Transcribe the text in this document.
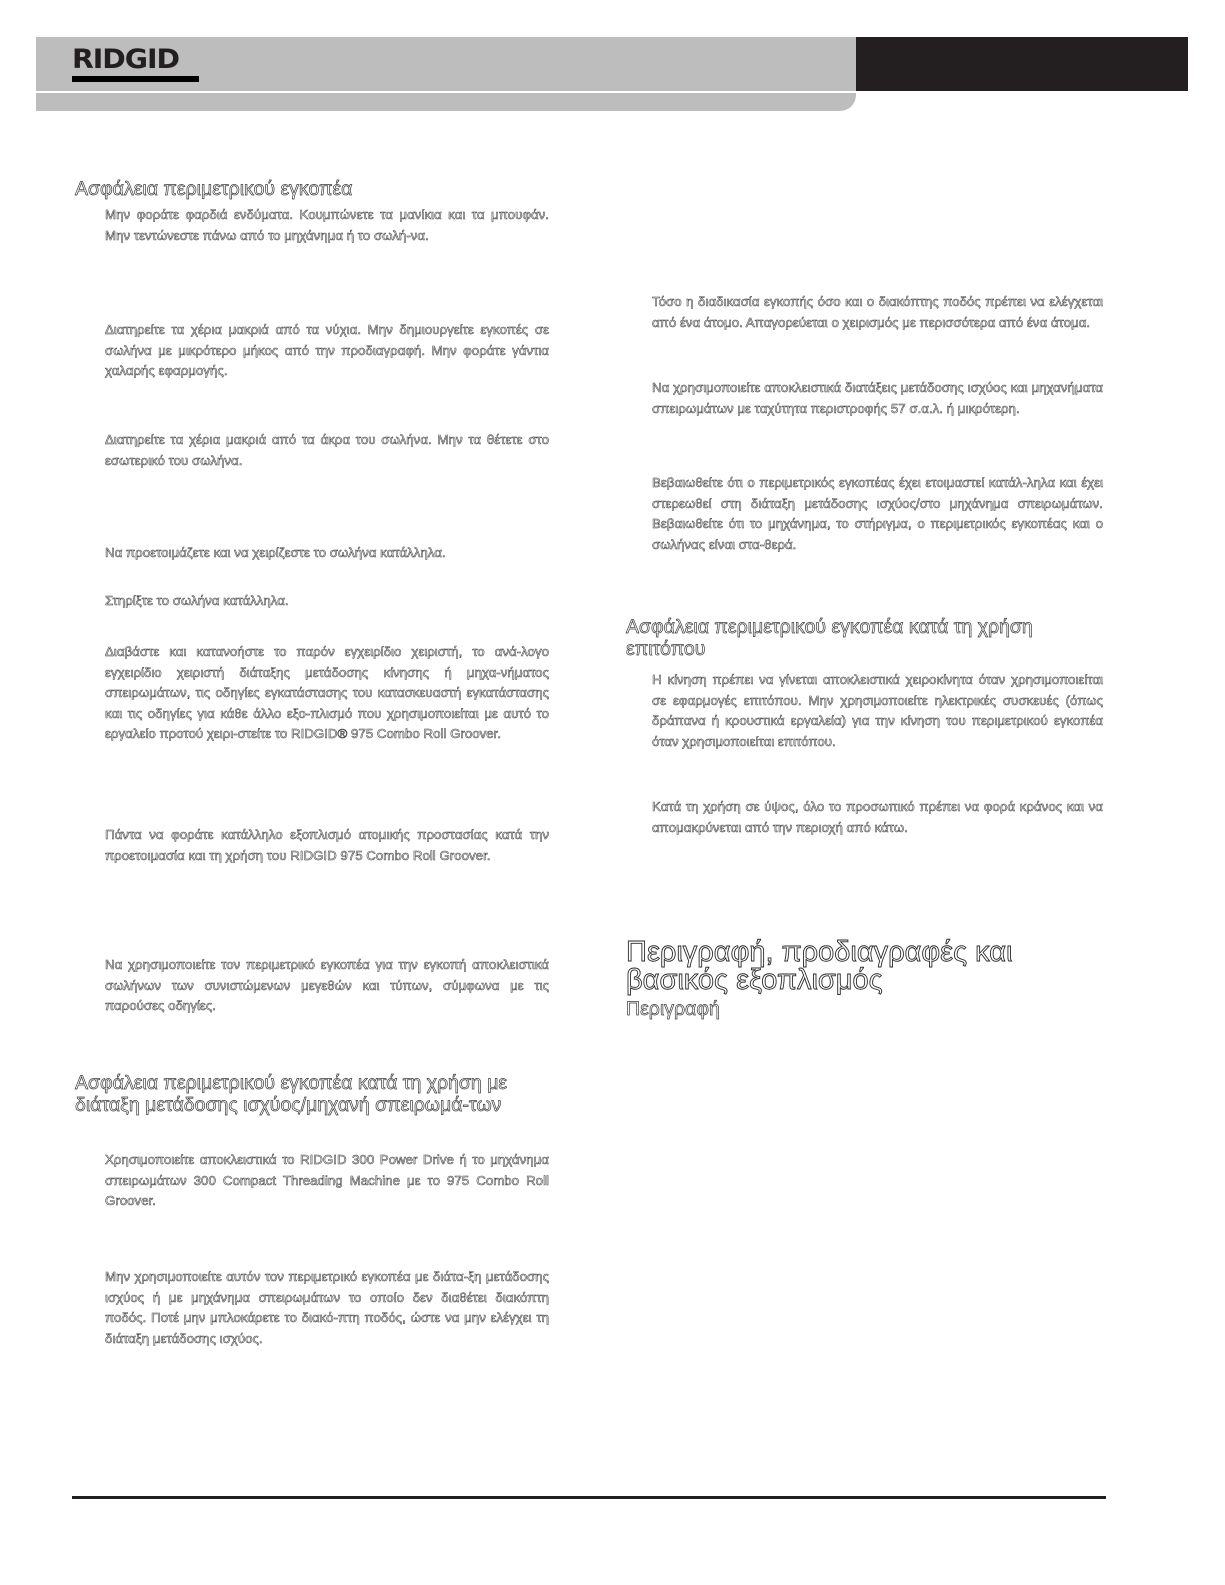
RIDGID

Ασφάλεια περιμετρικού εγκοπέα

Μην φοράτε φαρδιά ενδύματα. Κουμπώνετε τα μανίκια και τα μπουφάν. Μην τεντώνεστε πάνω από το μηχάνημα ή το σωλή-να.

Διατηρείτε τα χέρια μακριά από τα νύχια. Μην δημιουργείτε εγκοπές σε σωλήνα με μικρότερο μήκος από την προδιαγραφή. Μην φοράτε γάντια χαλαρής εφαρμογής.

Διατηρείτε τα χέρια μακριά από τα άκρα του σωλήνα. Μην τα θέτετε στο εσωτερικό του σωλήνα.

Να προετοιμάζετε και να χειρίζεστε το σωλήνα κατάλληλα.

Στηρίξτε το σωλήνα κατάλληλα.

Διαβάστε και κατανοήστε το παρόν εγχειρίδιο χειριστή, το ανά-λογο εγχειρίδιο χειριστή διάταξης μετάδοσης κίνησης ή μηχα-νήματος σπειρωμάτων, τις οδηγίες εγκατάστασης του κατασκευαστή εγκατάστασης και τις οδηγίες για κάθε άλλο εξο-πλισμό που χρησιμοποιείται με αυτό το εργαλείο προτού χειρι-στείτε το RIDGID® 975 Combo Roll Groover.

Πάντα να φοράτε κατάλληλο εξοπλισμό ατομικής προστασίας κατά την προετοιμασία και τη χρήση του RIDGID 975 Combo Roll Groover.

Να χρησιμοποιείτε τον περιμετρικό εγκοπέα για την εγκοπή αποκλειστικά σωλήνων των συνιστώμενων μεγεθών και τύπων, σύμφωνα με τις παρούσες οδηγίες.

Ασφάλεια περιμετρικού εγκοπέα κατά τη χρήση με διάταξη μετάδοσης ισχύος/μηχανή σπειρωμά-των

Χρησιμοποιείτε αποκλειστικά το RIDGID 300 Power Drive ή το μηχάνημα σπειρωμάτων 300 Compact Threading Machine με το 975 Combo Roll Groover.

Μην χρησιμοποιείτε αυτόν τον περιμετρικό εγκοπέα με διάτα-ξη μετάδοσης ισχύος ή με μηχάνημα σπειρωμάτων το οποίο δεν διαθέτει διακόπτη ποδός. Ποτέ μην μπλοκάρετε το διακό-πτη ποδός, ώστε να μην ελέγχει τη διάταξη μετάδοσης ισχύος.

Τόσο η διαδικασία εγκοπής όσο και ο διακόπτης ποδός πρέπει να ελέγχεται από ένα άτομο. Απαγορεύεται ο χειρισμός με περισσότερα από ένα άτομα.

Να χρησιμοποιείτε αποκλειστικά διατάξεις μετάδοσης ισχύος και μηχανήματα σπειρωμάτων με ταχύτητα περιστροφής 57 σ.α.λ. ή μικρότερη.

Βεβαιωθείτε ότι ο περιμετρικός εγκοπέας έχει ετοιμαστεί κατάλ-ληλα και έχει στερεωθεί στη διάταξη μετάδοσης ισχύος/στο μηχάνημα σπειρωμάτων. Βεβαιωθείτε ότι το μηχάνημα, το στήριγμα, ο περιμετρικός εγκοπέας και ο σωλήνας είναι στα-θερά.

Ασφάλεια περιμετρικού εγκοπέα κατά τη χρήση επιτόπου

Η κίνηση πρέπει να γίνεται αποκλειστικά χειροκίνητα όταν χρησιμοποιείται σε εφαρμογές επιτόπου. Μην χρησιμοποιείτε ηλεκτρικές συσκευές (όπως δράπανα ή κρουστικά εργαλεία) για την κίνηση του περιμετρικού εγκοπέα όταν χρησιμοποιείται επιτόπου.

Κατά τη χρήση σε ύψος, όλο το προσωπικό πρέπει να φορά κράνος και να απομακρύνεται από την περιοχή από κάτω.

Περιγραφή, προδιαγραφές και βασικός εξοπλισμός

Περιγραφή
